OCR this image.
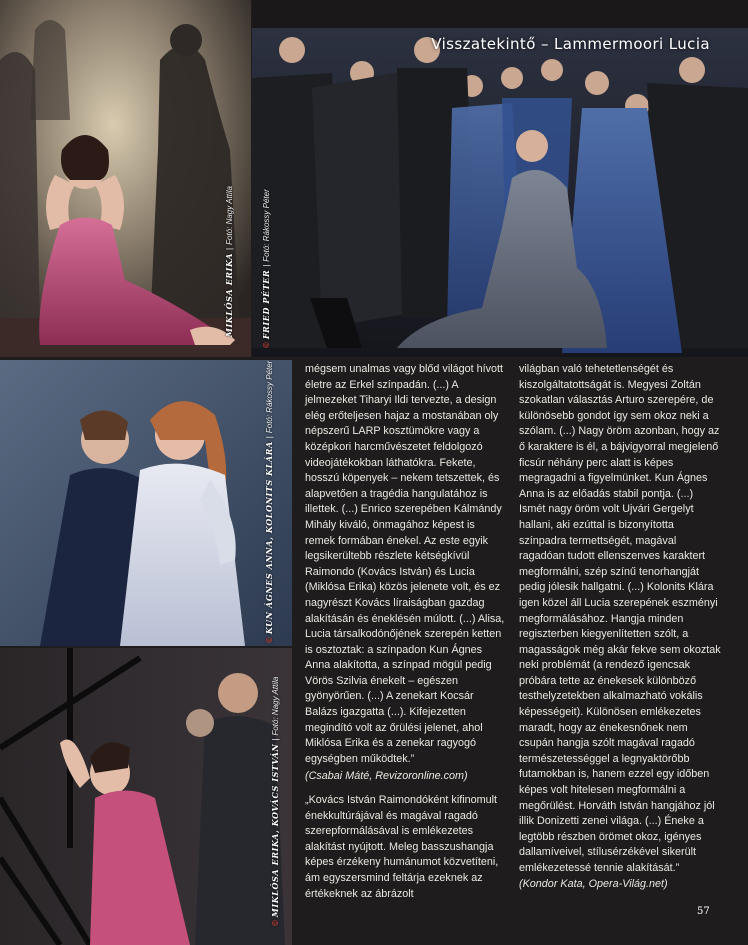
Visszatekintő – Lammermoori Lucia
MIKLÓSA ERIKA|Fotó: Nagy Attila
©FRIED PÉTER|Fotó: Rákossy Péter
©KUN ÁGNES ANNA, KOLONITS KLÁRA|Fotó: Rákossy Péter
©MIKLÓSA ERIKA, KOVÁCS ISTVÁN|Fotó: Nagy Attila

mégsem unalmas vagy blőd világot hívott életre az Erkel színpadán. (...) A jelmezeket Tiharyi Ildi tervezte, a design elég erőteljesen hajaz a mostanában oly népszerű LARP kosztümökre vagy a középkori harcművészetet feldolgozó videojátékokban láthatókra. Fekete, hosszú köpenyek – nekem tetszettek, és alapvetően a tragédia hangulatához is illettek. (...) Enrico szerepében Kálmándy Mihály kiváló, önmagához képest is remek formában énekel. Az este egyik legsikerültebb részlete kétségkívül Raimondo (Kovács István) és Lucia (Miklósa Erika) közös jelenete volt, és ez nagyrészt Kovács líraiságban gazdag alakításán és éneklésén múlott. (...) Alisa, Lucia társalkodónőjének szerepén ketten is osztoztak: a színpadon Kun Ágnes Anna alakította, a színpad mögül pedig Vörös Szilvia énekelt – egészen gyönyörűen. (...) A zenekart Kocsár Balázs igazgatta (...). Kifejezetten megindító volt az őrülési jelenet, ahol Miklósa Erika és a zenekar ragyogó egységben működtek.”

(Csabai Máté, Revizoronline.com)

„Kovács István Raimondóként kifinomult énekkultúrájával és magával ragadó szerepformálásával is emlékezetes alakítást nyújtott. Meleg basszushangja képes érzékeny humánumot közvetíteni, ám egyszersmind feltárja ezeknek az értékeknek az ábrázolt

világban való tehetetlenségét és kiszolgáltatottságát is. Megyesi Zoltán szokatlan választás Arturo szerepére, de különösebb gondot így sem okoz neki a szólam. (...) Nagy öröm azonban, hogy az ő karaktere is él, a bájvigyorral megjelenő ficsúr néhány perc alatt is képes megragadni a figyelmünket. Kun Ágnes Anna is az előadás stabil pontja. (...) Ismét nagy öröm volt Ujvári Gergelyt hallani, aki ezúttal is bizonyította színpadra termettségét, magával ragadóan tudott ellenszenves karaktert megformálni, szép színű tenorhangját pedig jólesik hallgatni. (...) Kolonits Klára igen közel áll Lucia szerepének eszményi megformálásához. Hangja minden regiszterben kiegyenlítetten szólt, a magasságok még akár fekve sem okoztak neki problémát (a rendező igencsak próbára tette az énekesek különböző testhelyzetekben alkalmazható vokális képességeit). Különösen emlékezetes maradt, hogy az énekesnőnek nem csupán hangja szólt magával ragadó természetességgel a legnyaktörőbb futamokban is, hanem ezzel egy időben képes volt hitelesen megformálni a megőrülést. Horváth István hangjához jól illik Donizetti zenei világa. (...) Éneke a legtöbb részben örömet okoz, igényes dallamíveivel, stílusérzékével sikerült emlékezetessé tennie alakítását.”

(Kondor Kata, Opera-Világ.net)

57
